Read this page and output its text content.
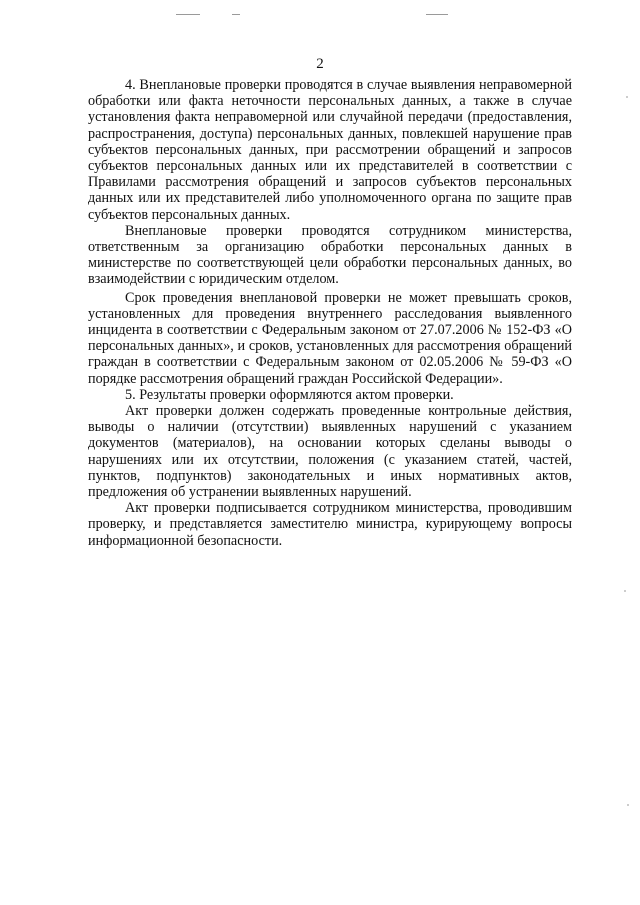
2

4. Внеплановые проверки проводятся в случае выявления неправомерной обработки или факта неточности персональных данных, а также в случае установления факта неправомерной или случайной передачи (предоставления, распространения, доступа) персональных данных, повлекшей нарушение прав субъектов персональных данных, при рассмотрении обращений и запросов субъектов персональных данных или их представителей в соответствии с Правилами рассмотрения обращений и запросов субъектов персональных данных или их представителей либо уполномоченного органа по защите прав субъектов персональных данных.

Внеплановые проверки проводятся сотрудником министерства, ответственным за организацию обработки персональных данных в министерстве по соответствующей цели обработки персональных данных, во взаимодействии с юридическим отделом.

Срок проведения внеплановой проверки не может превышать сроков, установленных для проведения внутреннего расследования выявленного инцидента в соответствии с Федеральным законом от 27.07.2006 № 152-ФЗ «О персональных данных», и сроков, установленных для рассмотрения обращений граждан в соответствии с Федеральным законом от 02.05.2006 № 59-ФЗ «О порядке рассмотрения обращений граждан Российской Федерации».

5. Результаты проверки оформляются актом проверки.

Акт проверки должен содержать проведенные контрольные действия, выводы о наличии (отсутствии) выявленных нарушений с указанием документов (материалов), на основании которых сделаны выводы о нарушениях или их отсутствии, положения (с указанием статей, частей, пунктов, подпунктов) законодательных и иных нормативных актов, предложения об устранении выявленных нарушений.

Акт проверки подписывается сотрудником министерства, проводившим проверку, и представляется заместителю министра, курирующему вопросы информационной безопасности.
